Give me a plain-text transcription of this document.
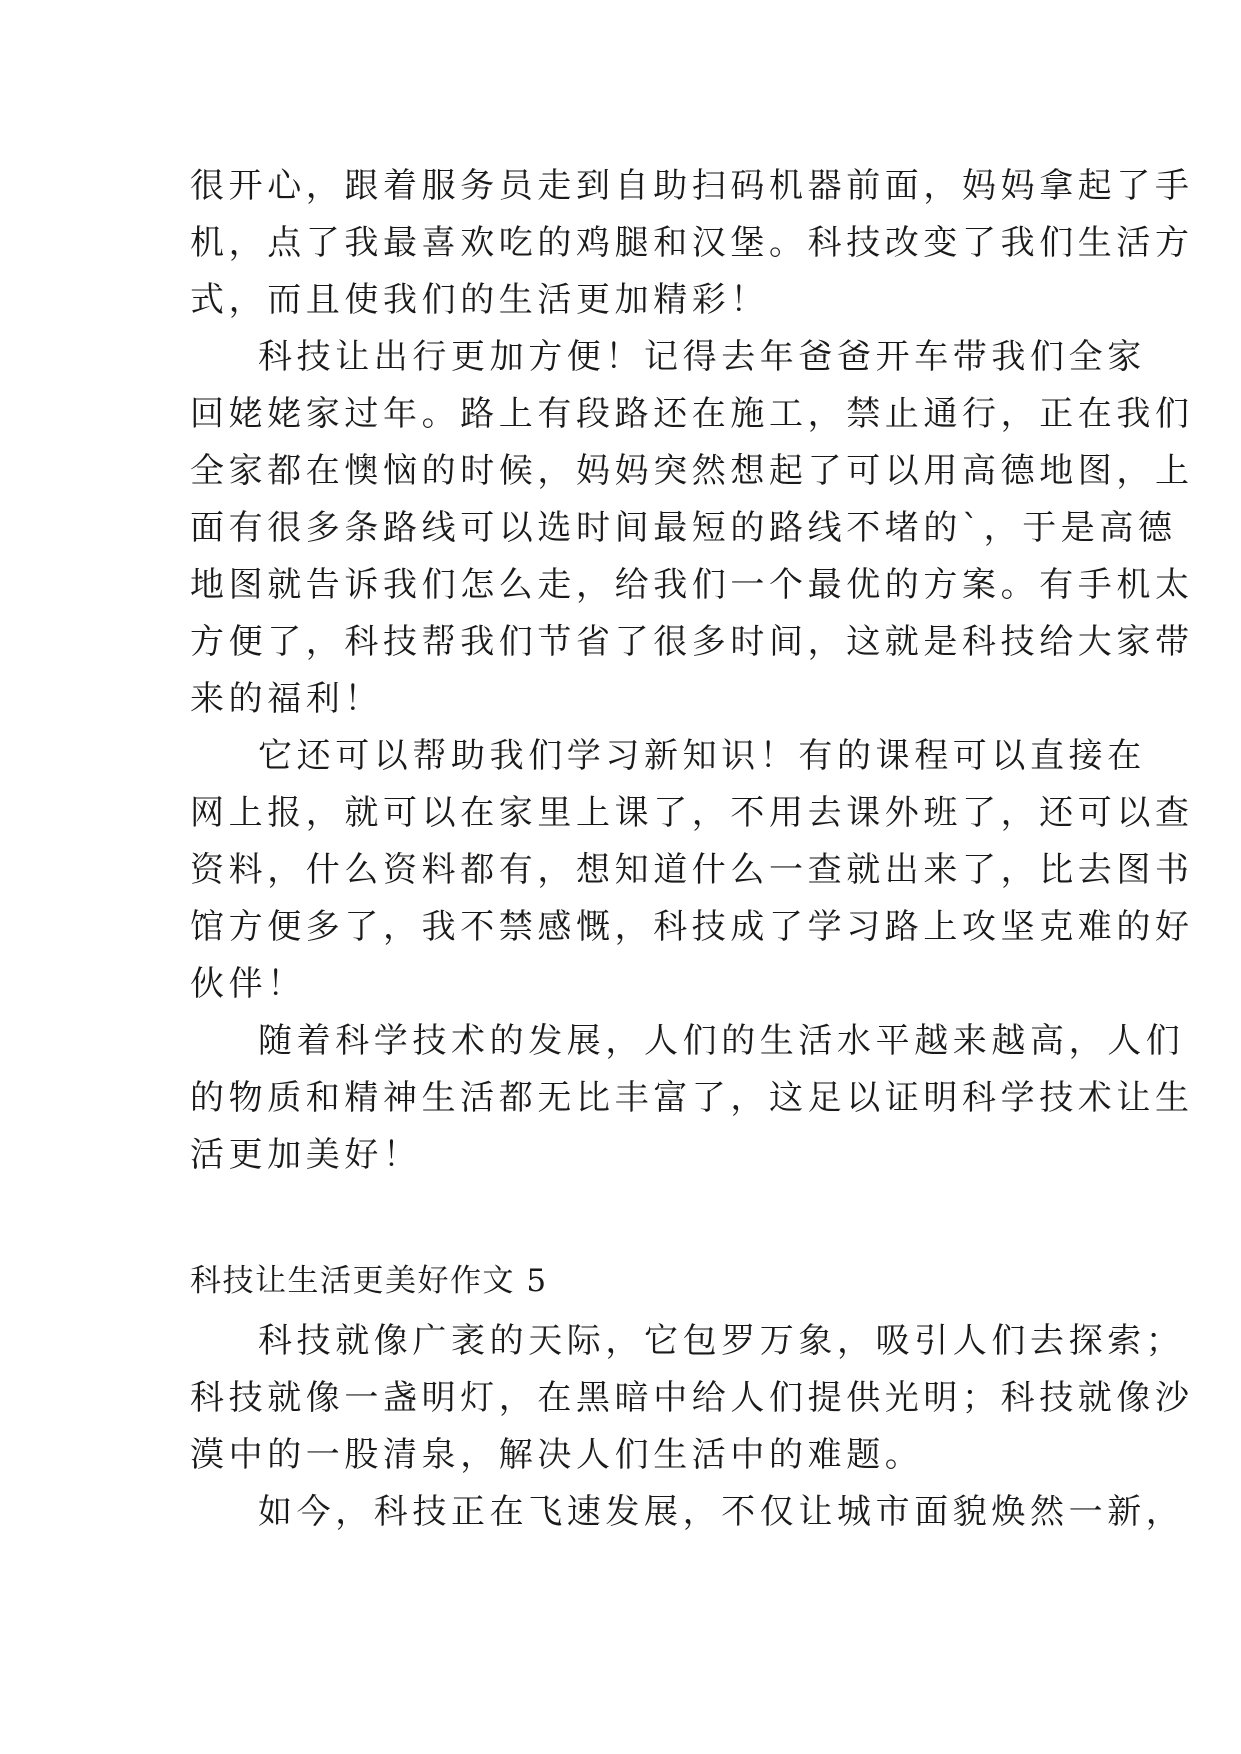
很开心，跟着服务员走到自助扫码机器前面，妈妈拿起了手
机，点了我最喜欢吃的鸡腿和汉堡。科技改变了我们生活方
式，而且使我们的生活更加精彩！
科技让出行更加方便！记得去年爸爸开车带我们全家
回姥姥家过年。路上有段路还在施工，禁止通行，正在我们
全家都在懊恼的时候，妈妈突然想起了可以用高德地图，上
面有很多条路线可以选时间最短的路线不堵的`，于是高德
地图就告诉我们怎么走，给我们一个最优的方案。有手机太
方便了，科技帮我们节省了很多时间，这就是科技给大家带
来的福利！
它还可以帮助我们学习新知识！有的课程可以直接在
网上报，就可以在家里上课了，不用去课外班了，还可以查
资料，什么资料都有，想知道什么一查就出来了，比去图书
馆方便多了，我不禁感慨，科技成了学习路上攻坚克难的好
伙伴！
随着科学技术的发展，人们的生活水平越来越高，人们
的物质和精神生活都无比丰富了，这足以证明科学技术让生
活更加美好！
科技让生活更美好作文 5
科技就像广袤的天际，它包罗万象，吸引人们去探索；
科技就像一盏明灯，在黑暗中给人们提供光明；科技就像沙
漠中的一股清泉，解决人们生活中的难题。
如今，科技正在飞速发展，不仅让城市面貌焕然一新，
